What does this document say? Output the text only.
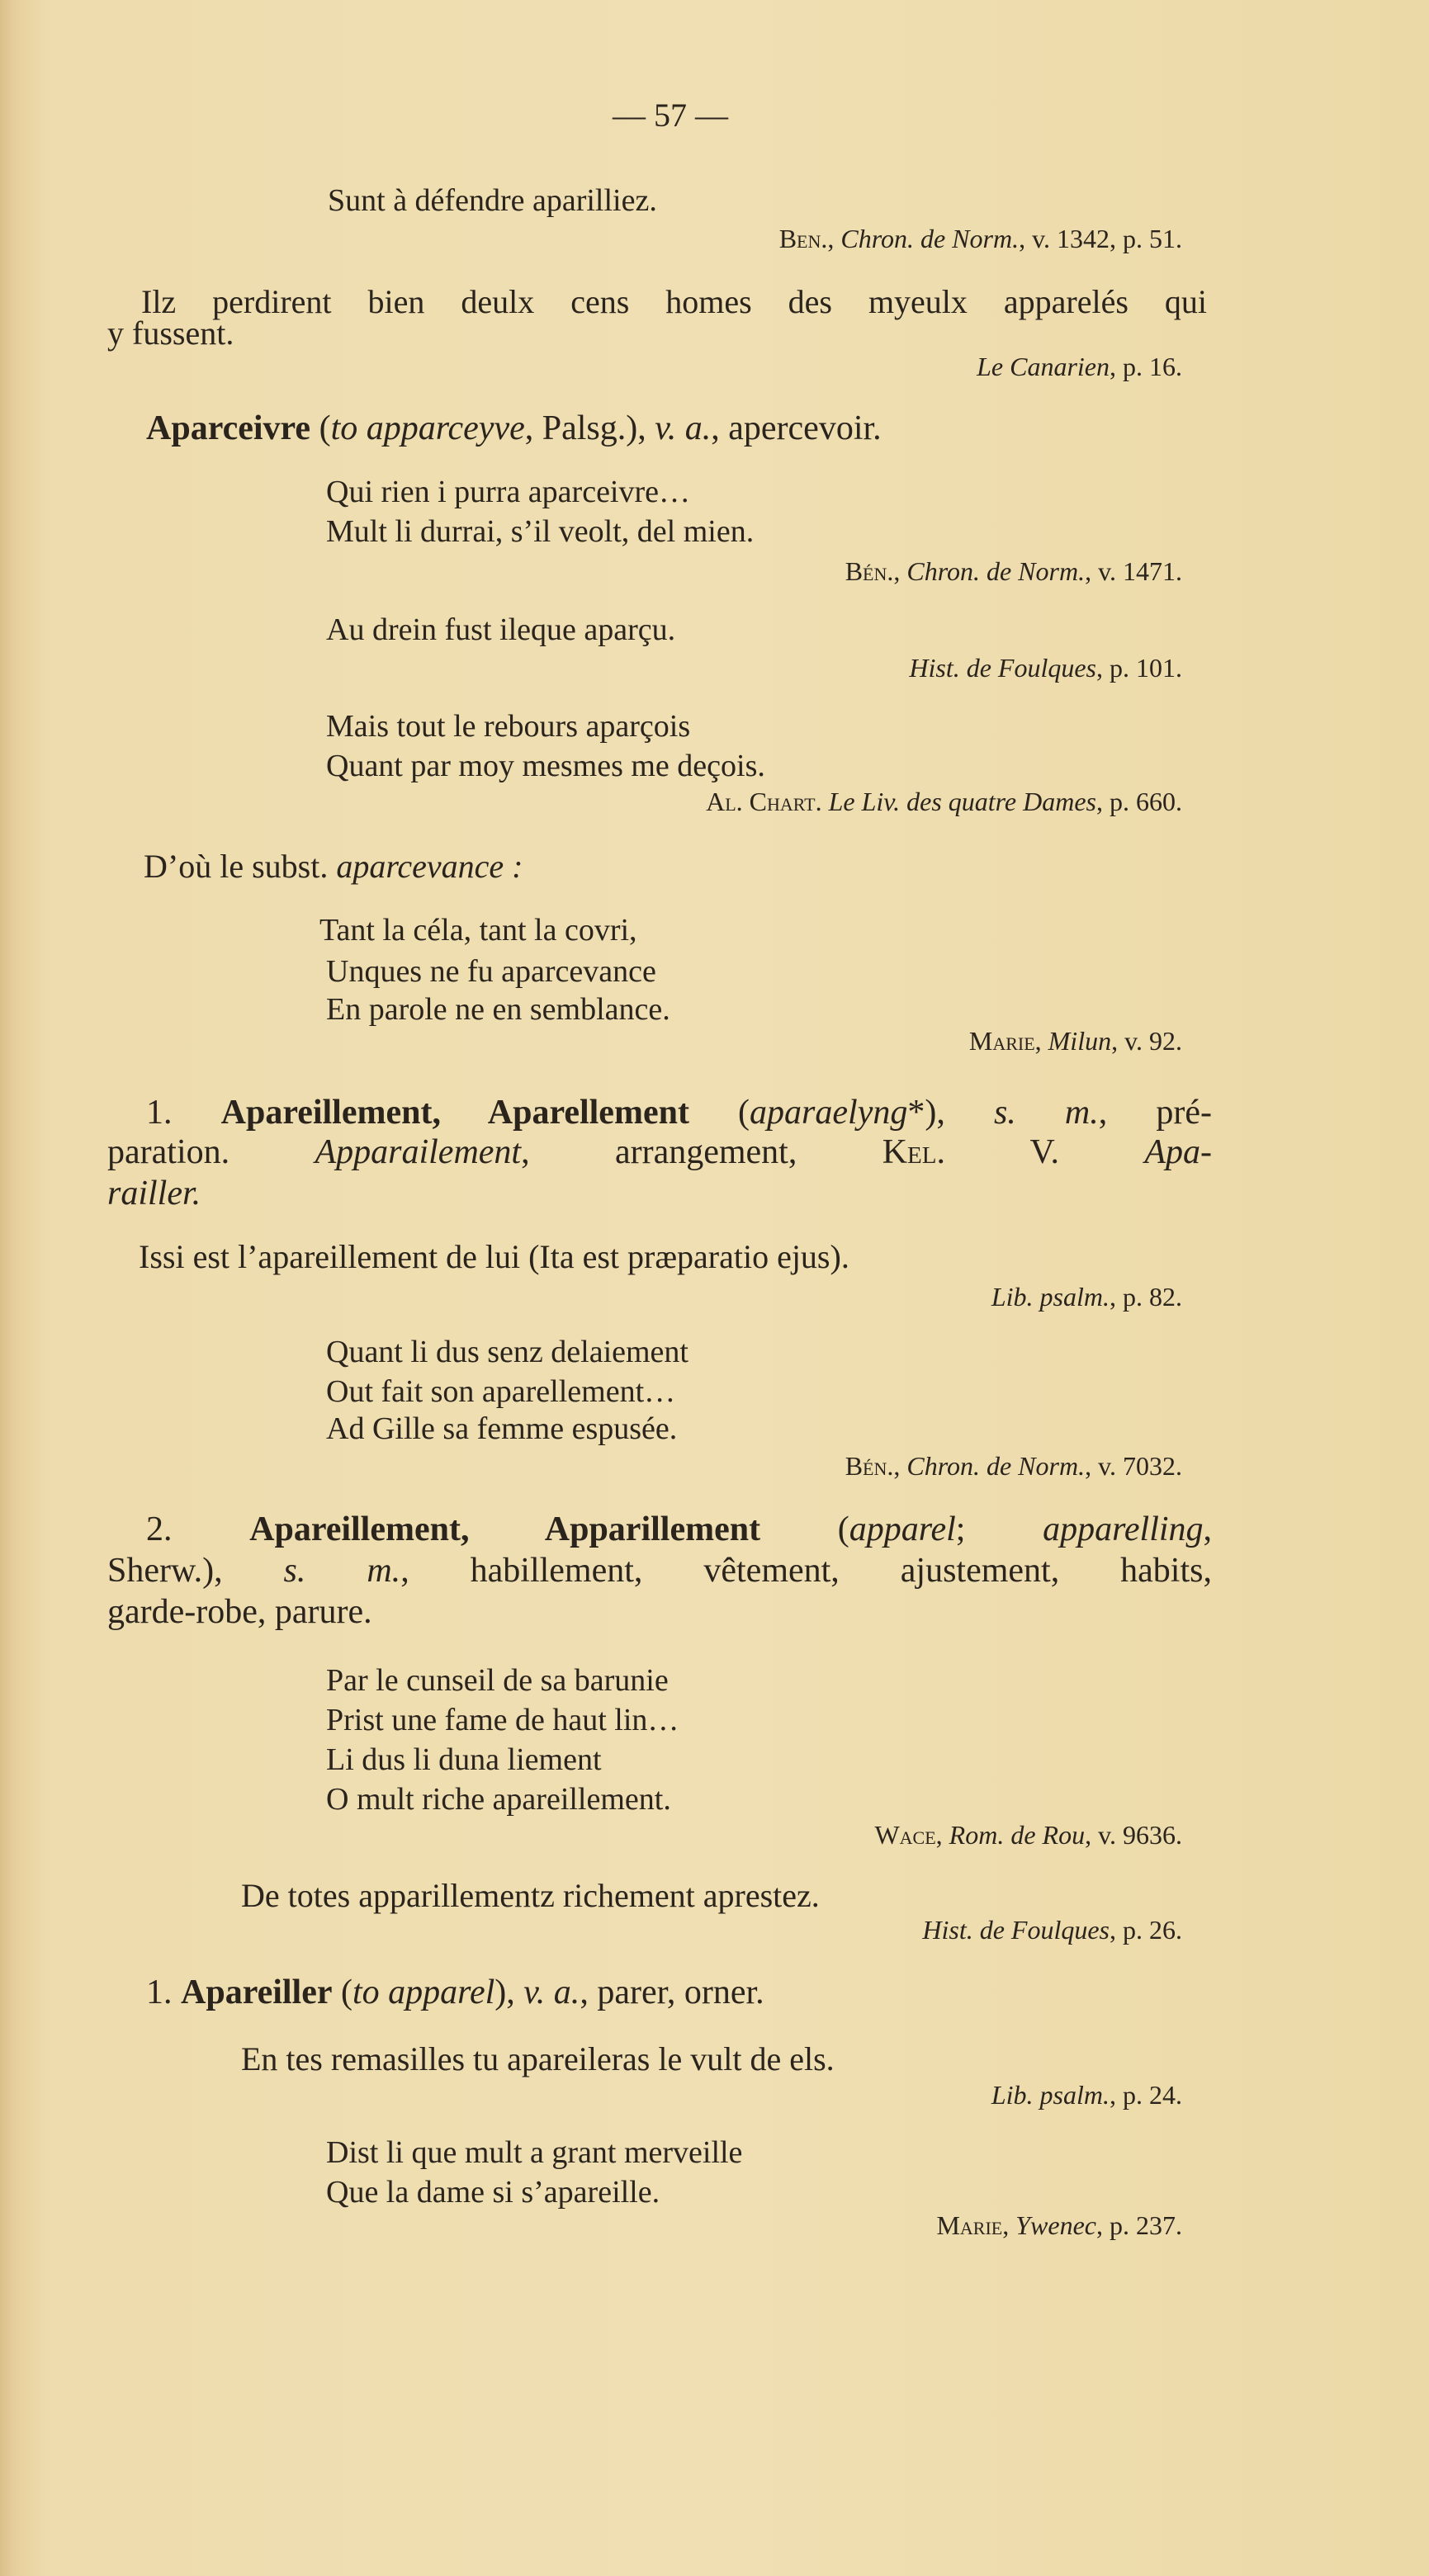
— 57 —
Sunt à défendre aparilliez.
Ben., Chron. de Norm., v. 1342, p. 51.
Ilz perdirent bien deulx cens homes des myeulx apparelés qui
y fussent.
Le Canarien, p. 16.
Aparceivre (to apparceyve, Palsg.), v. a., apercevoir.
Qui rien i purra aparceivre…
Mult li durrai, s’il veolt, del mien.
Bén., Chron. de Norm., v. 1471.
Au drein fust ileque aparçu.
Hist. de Foulques, p. 101.
Mais tout le rebours aparçois
Quant par moy mesmes me deçois.
Al. Chart. Le Liv. des quatre Dames, p. 660.
D’où le subst. aparcevance :
Tant la céla, tant la covri,
Unques ne fu aparcevance
En parole ne en semblance.
Marie, Milun, v. 92.
1. Apareillement, Aparellement (aparaelyng*), s. m., pré-
paration. Apparailement, arrangement, Kel. V. Apa-
railler.
Issi est l’apareillement de lui (Ita est præparatio ejus).
Lib. psalm., p. 82.
Quant li dus senz delaiement
Out fait son aparellement…
Ad Gille sa femme espusée.
Bén., Chron. de Norm., v. 7032.
2. Apareillement, Apparillement (apparel; apparelling,
Sherw.), s. m., habillement, vêtement, ajustement, habits,
garde-robe, parure.
Par le cunseil de sa barunie
Prist une fame de haut lin…
Li dus li duna liement
O mult riche apareillement.
Wace, Rom. de Rou, v. 9636.
De totes apparillementz richement aprestez.
Hist. de Foulques, p. 26.
1. Apareiller (to apparel), v. a., parer, orner.
En tes remasilles tu apareileras le vult de els.
Lib. psalm., p. 24.
Dist li que mult a grant merveille
Que la dame si s’apareille.
Marie, Ywenec, p. 237.
